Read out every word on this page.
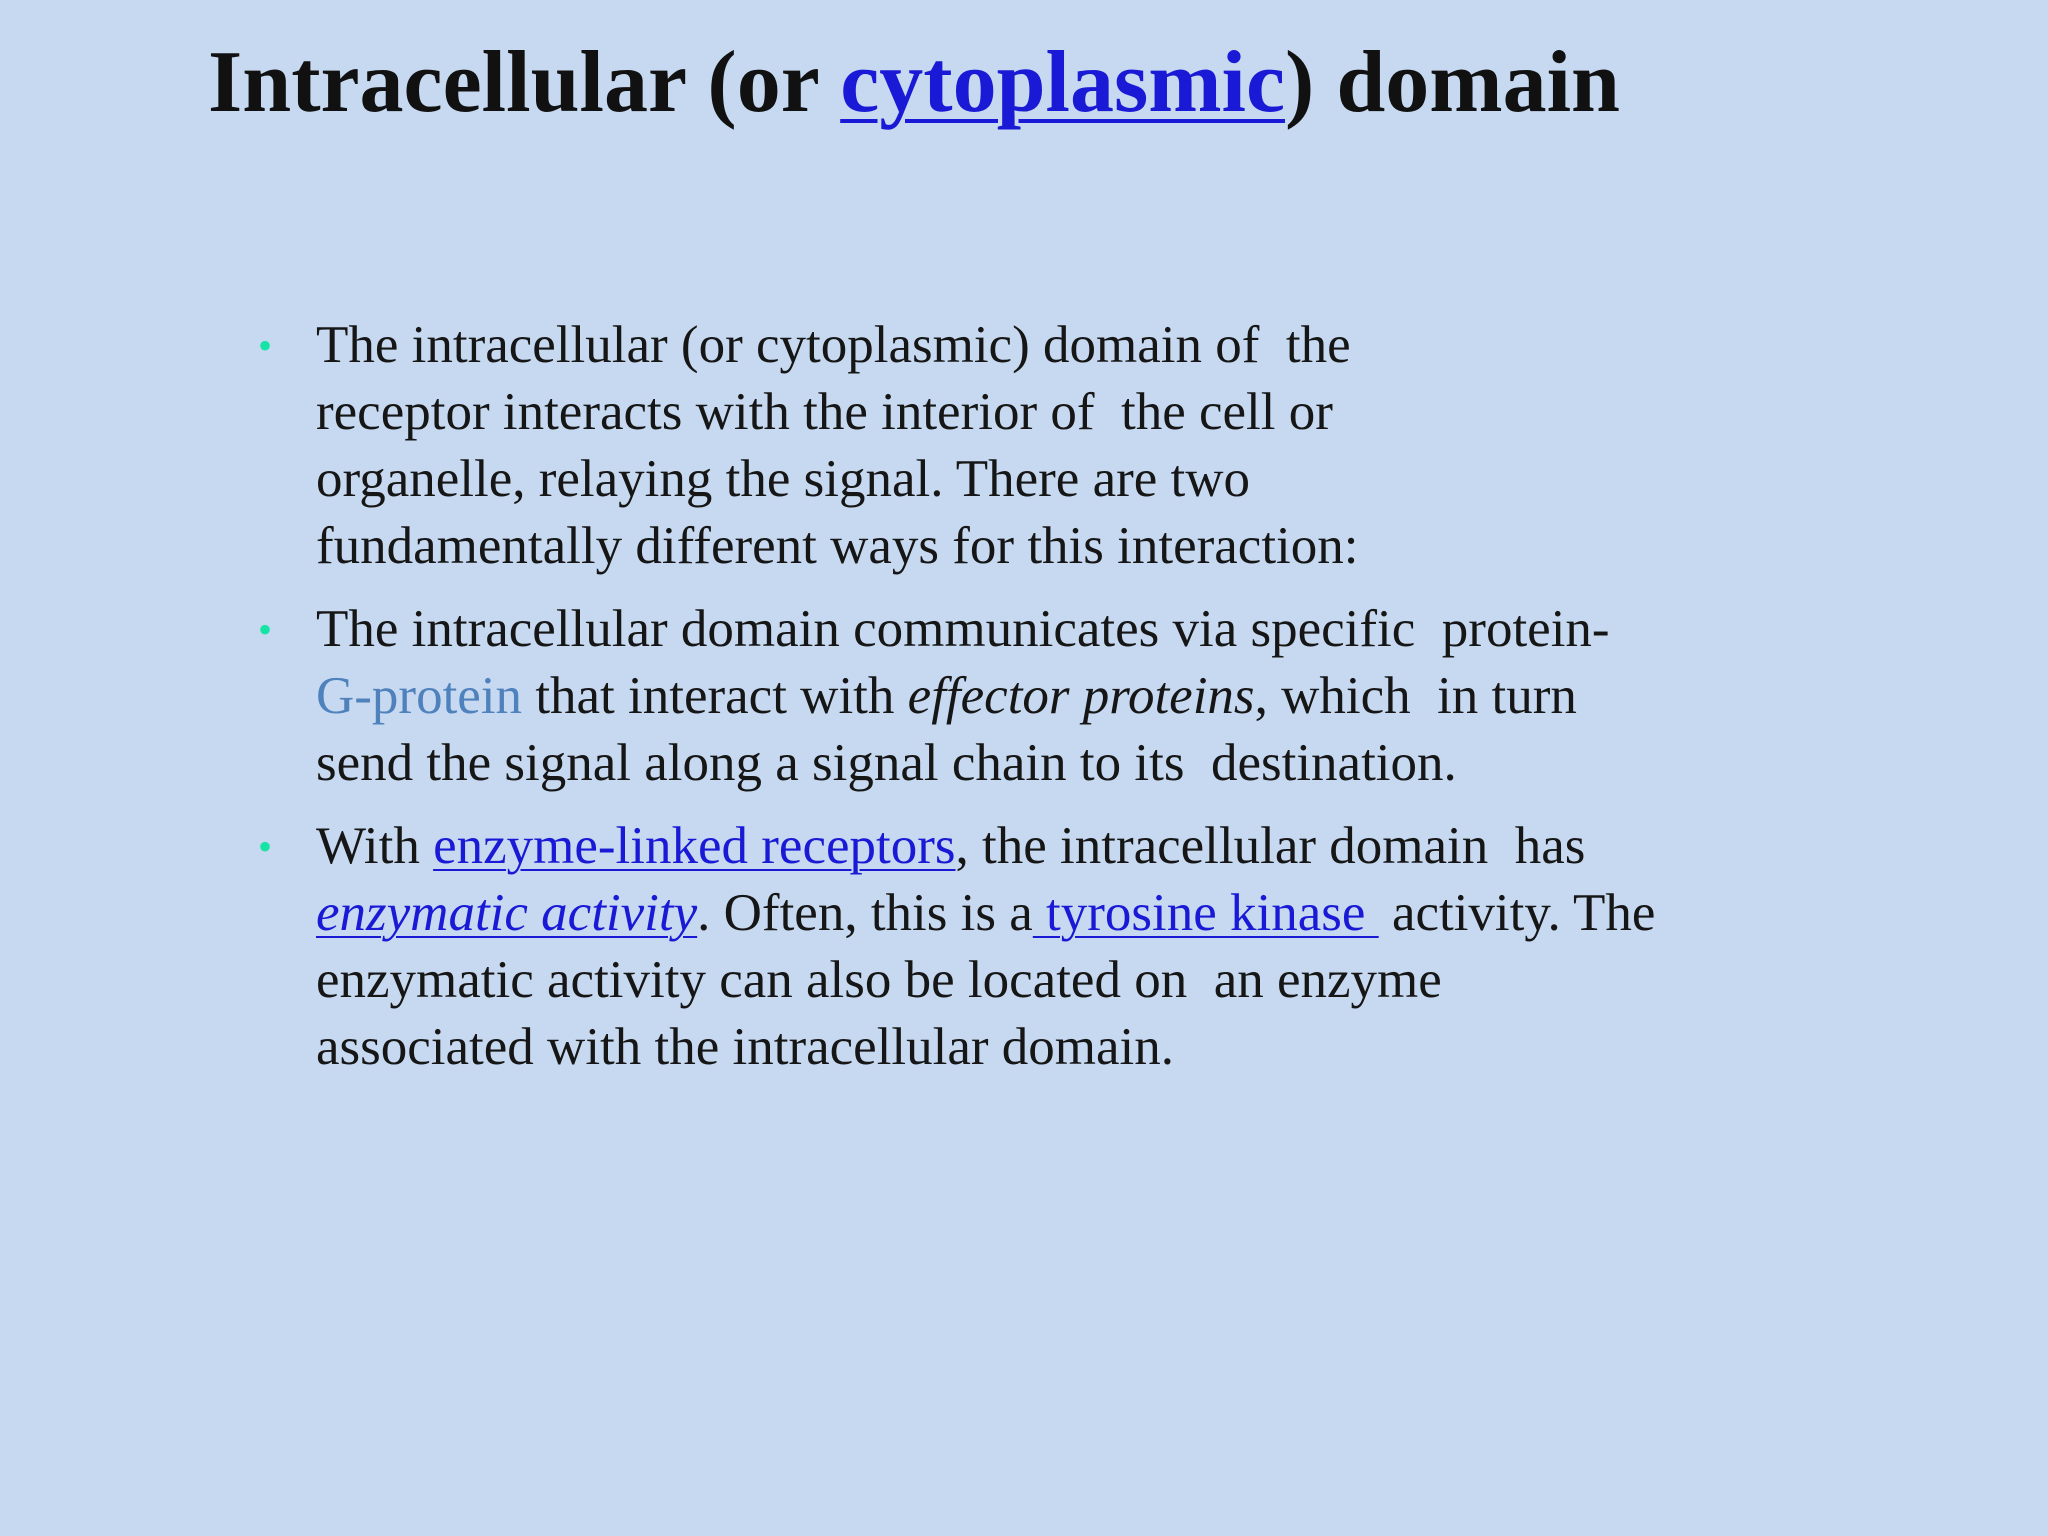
Intracellular (or cytoplasmic) domain
• The intracellular (or cytoplasmic) domain of  the
receptor interacts with the interior of  the cell or
organelle, relaying the signal. There are two
fundamentally different ways for this interaction:
• The intracellular domain communicates via specific  protein-
G-protein that interact with effector proteins, which  in turn
send the signal along a signal chain to its  destination.
• With enzyme-linked receptors, the intracellular domain  has
enzymatic activity. Often, this is a tyrosine kinase  activity. The
enzymatic activity can also be located on  an enzyme
associated with the intracellular domain.
